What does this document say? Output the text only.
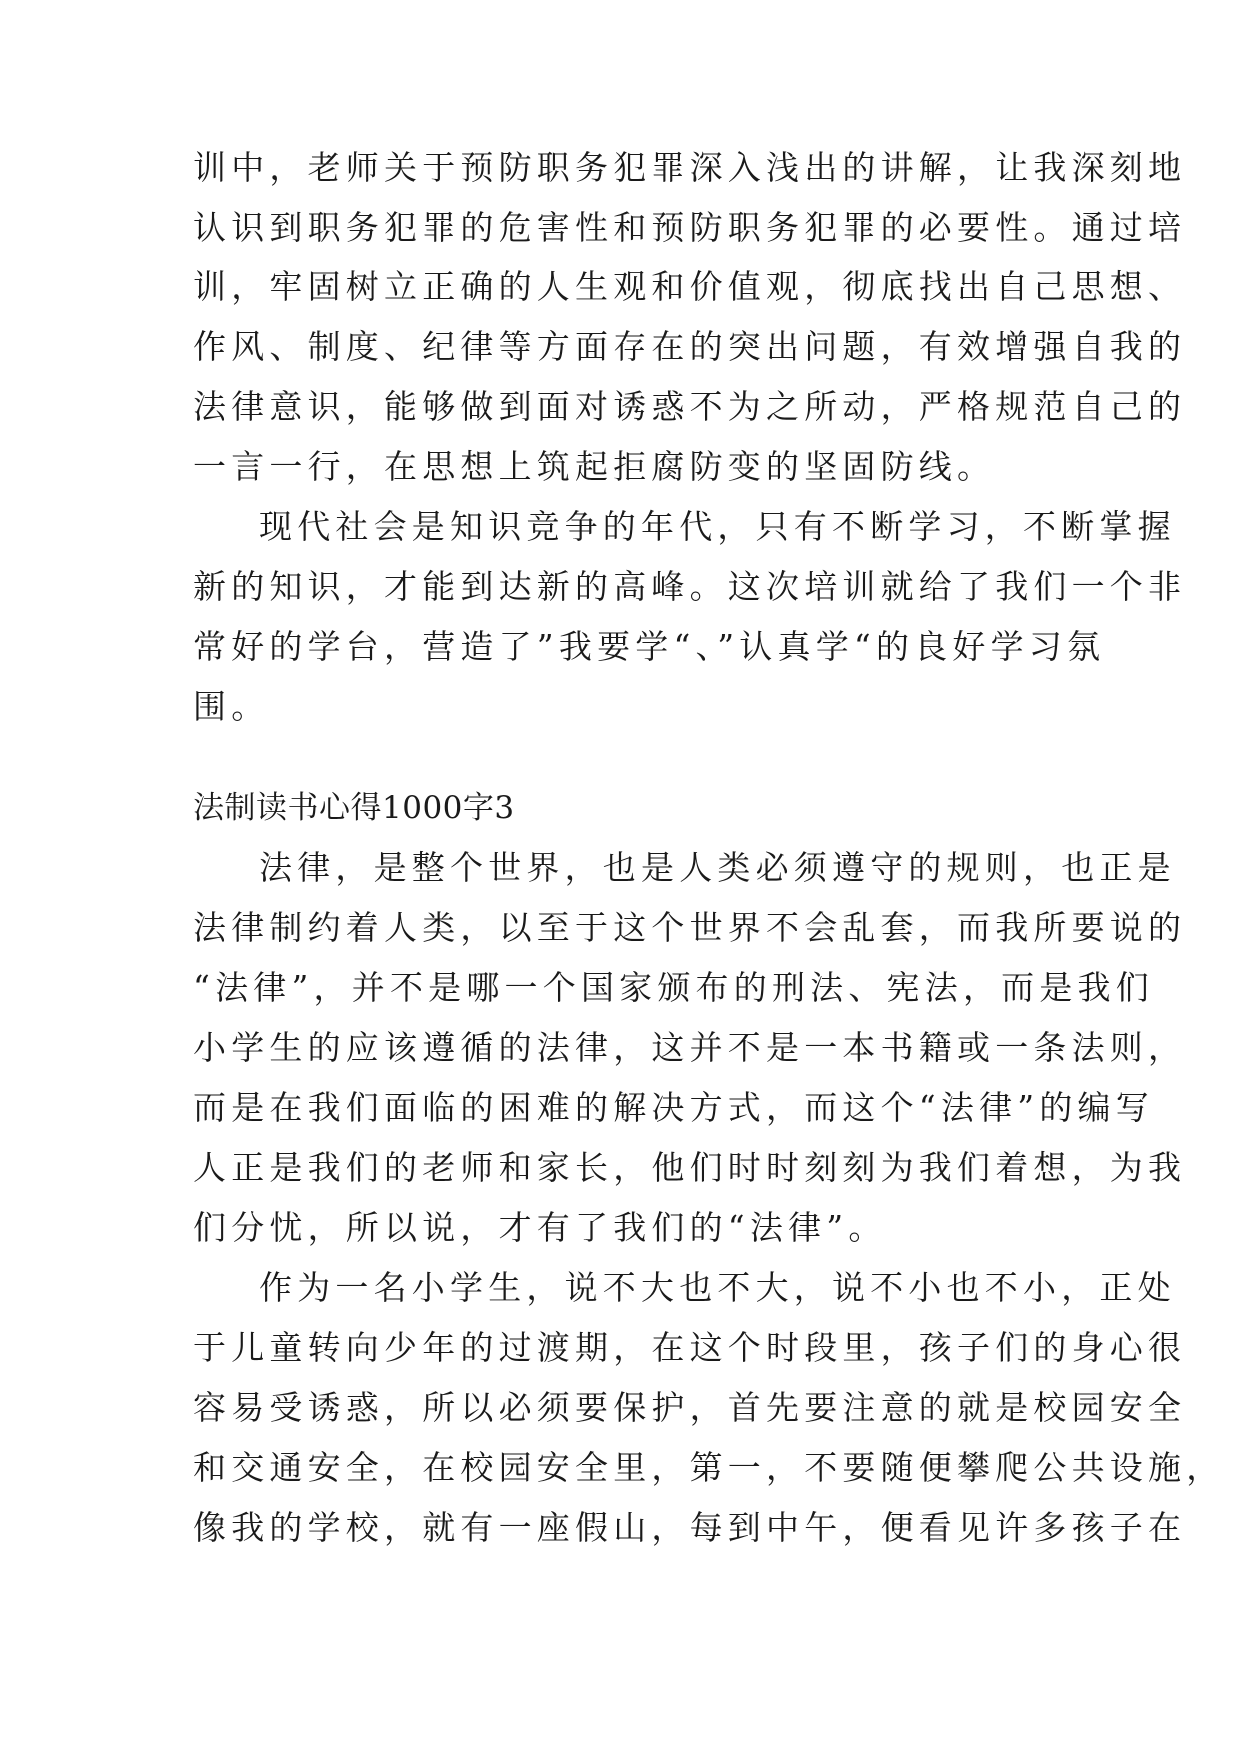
训中，老师关于预防职务犯罪深入浅出的讲解，让我深刻地
认识到职务犯罪的危害性和预防职务犯罪的必要性。通过培
训，牢固树立正确的人生观和价值观，彻底找出自己思想、
作风、制度、纪律等方面存在的突出问题，有效增强自我的
法律意识，能够做到面对诱惑不为之所动，严格规范自己的
一言一行，在思想上筑起拒腐防变的坚固防线。
现代社会是知识竞争的年代，只有不断学习，不断掌握
新的知识，才能到达新的高峰。这次培训就给了我们一个非
常好的学台，营造了”我要学“、”认真学“的良好学习氛
围。
法制读书心得1000字3
法律，是整个世界，也是人类必须遵守的规则，也正是
法律制约着人类，以至于这个世界不会乱套，而我所要说的
“法律”，并不是哪一个国家颁布的刑法、宪法，而是我们
小学生的应该遵循的法律，这并不是一本书籍或一条法则，
而是在我们面临的困难的解决方式，而这个“法律”的编写
人正是我们的老师和家长，他们时时刻刻为我们着想，为我
们分忧，所以说，才有了我们的“法律”。
作为一名小学生，说不大也不大，说不小也不小，正处
于儿童转向少年的过渡期，在这个时段里，孩子们的身心很
容易受诱惑，所以必须要保护，首先要注意的就是校园安全
和交通安全，在校园安全里，第一，不要随便攀爬公共设施，
像我的学校，就有一座假山，每到中午，便看见许多孩子在
